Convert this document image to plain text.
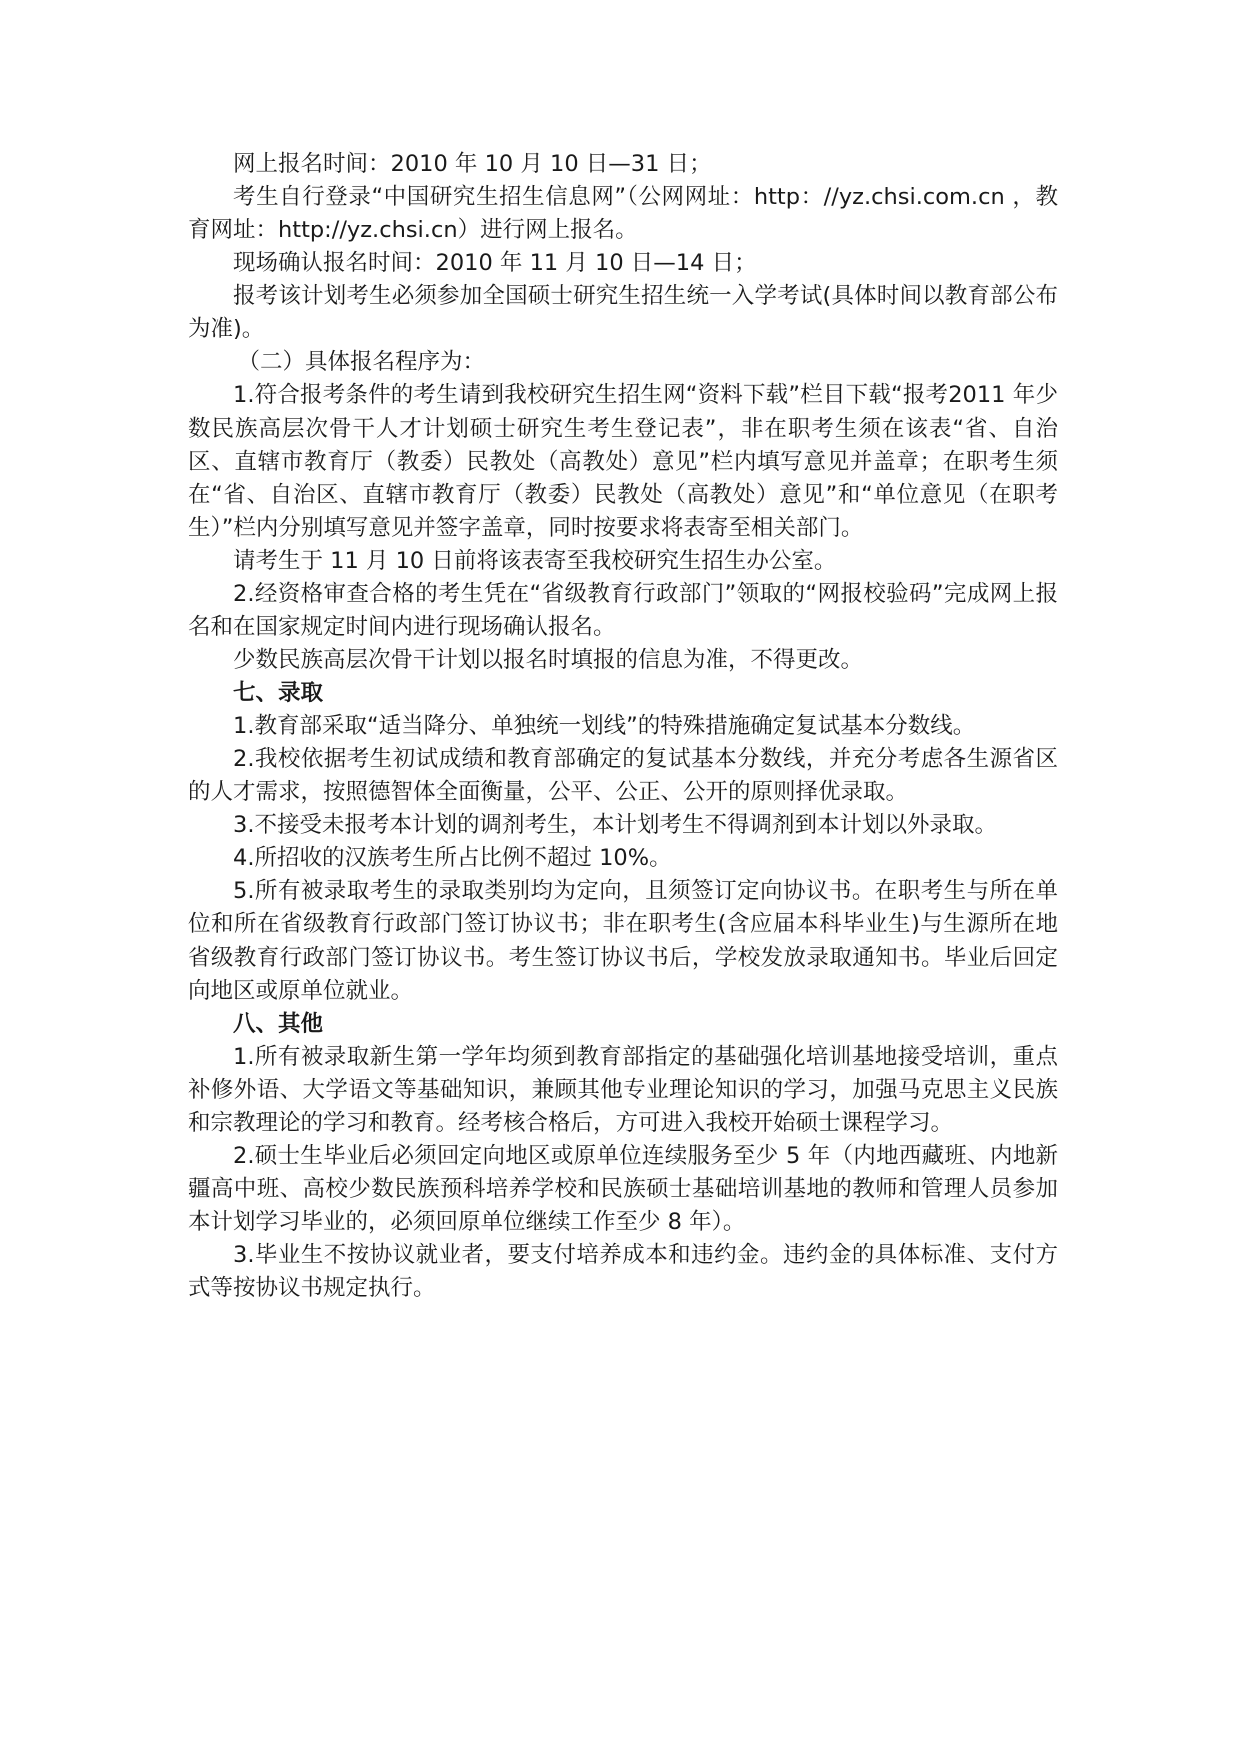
网上报名时间：2010 年 10 月 10 日—31 日；

考生自行登录“中国研究生招生信息网”（公网网址：http：//yz.chsi.com.cn ，教育网址：http://yz.chsi.cn）进行网上报名。

现场确认报名时间：2010 年 11 月 10 日—14 日；

报考该计划考生必须参加全国硕士研究生招生统一入学考试(具体时间以教育部公布为准)。

（二）具体报名程序为：

1.符合报考条件的考生请到我校研究生招生网“资料下载”栏目下载“报考2011 年少数民族高层次骨干人才计划硕士研究生考生登记表”，非在职考生须在该表“省、自治区、直辖市教育厅（教委）民教处（高教处）意见”栏内填写意见并盖章；在职考生须在“省、自治区、直辖市教育厅（教委）民教处（高教处）意见”和“单位意见（在职考生）”栏内分别填写意见并签字盖章，同时按要求将表寄至相关部门。

请考生于 11 月 10 日前将该表寄至我校研究生招生办公室。

2.经资格审查合格的考生凭在“省级教育行政部门”领取的“网报校验码”完成网上报名和在国家规定时间内进行现场确认报名。

少数民族高层次骨干计划以报名时填报的信息为准，不得更改。

七、录取

1.教育部采取“适当降分、单独统一划线”的特殊措施确定复试基本分数线。

2.我校依据考生初试成绩和教育部确定的复试基本分数线，并充分考虑各生源省区的人才需求，按照德智体全面衡量，公平、公正、公开的原则择优录取。

3.不接受未报考本计划的调剂考生，本计划考生不得调剂到本计划以外录取。

4.所招收的汉族考生所占比例不超过 10%。

5.所有被录取考生的录取类别均为定向，且须签订定向协议书。在职考生与所在单位和所在省级教育行政部门签订协议书；非在职考生(含应届本科毕业生)与生源所在地省级教育行政部门签订协议书。考生签订协议书后，学校发放录取通知书。毕业后回定向地区或原单位就业。

八、其他

1.所有被录取新生第一学年均须到教育部指定的基础强化培训基地接受培训，重点补修外语、大学语文等基础知识，兼顾其他专业理论知识的学习，加强马克思主义民族和宗教理论的学习和教育。经考核合格后，方可进入我校开始硕士课程学习。

2.硕士生毕业后必须回定向地区或原单位连续服务至少 5 年（内地西藏班、内地新疆高中班、高校少数民族预科培养学校和民族硕士基础培训基地的教师和管理人员参加本计划学习毕业的，必须回原单位继续工作至少 8 年）。

3.毕业生不按协议就业者，要支付培养成本和违约金。违约金的具体标准、支付方式等按协议书规定执行。
